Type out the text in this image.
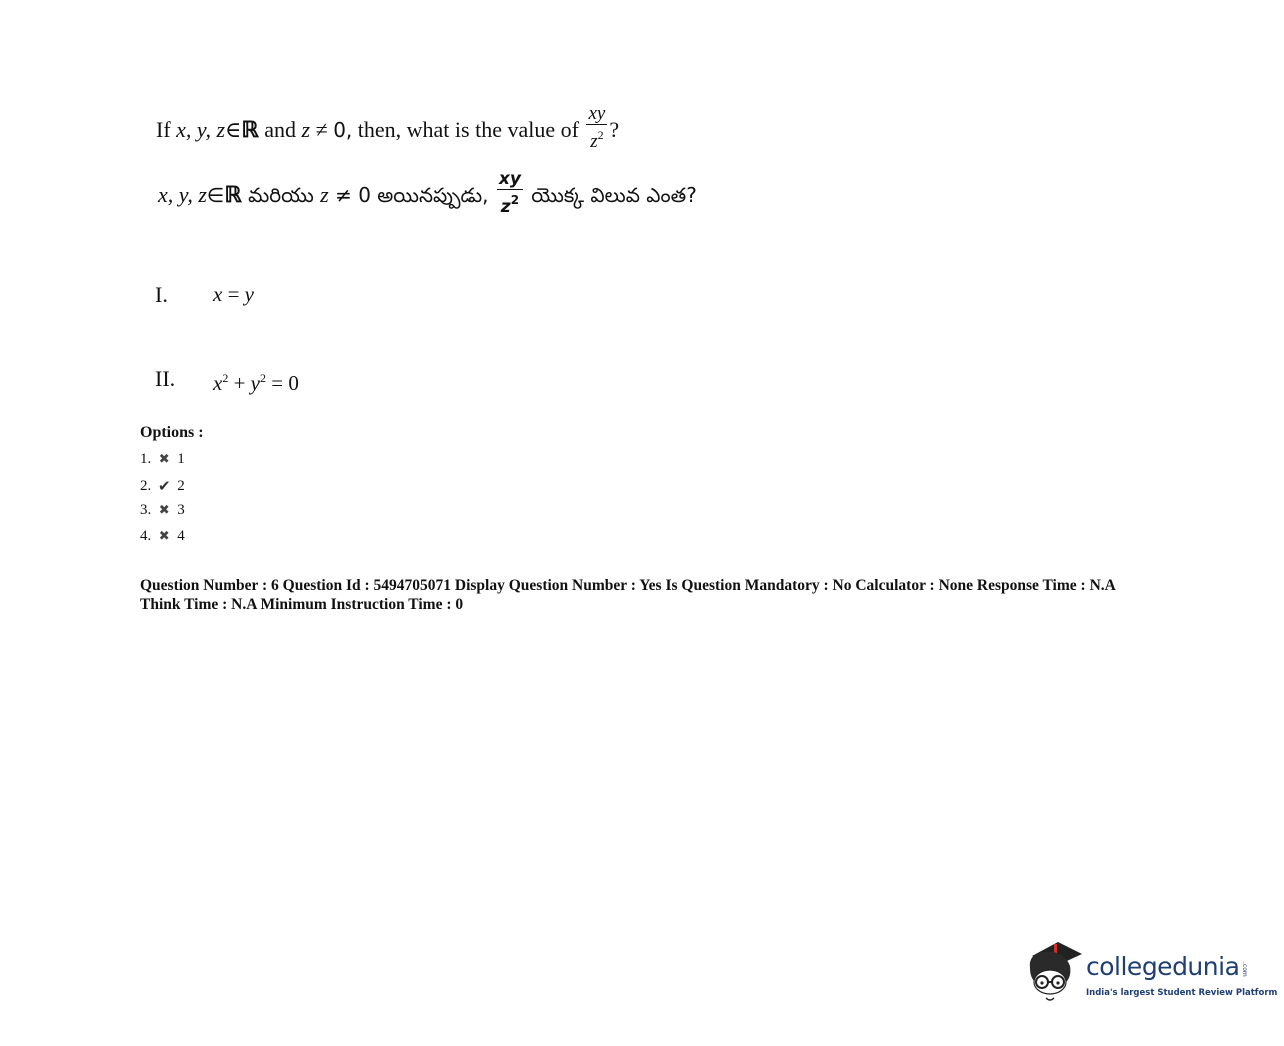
If x, y, z∈ℝ and z ≠ 0, then, what is the value of $\frac{xy}{z^2}$ ?
x, y, z∈ℝ మరియు z ≠ 0 అయినప్పుడు, $\frac{xy}{z^2}$ యొక్క విలువ ఎంత?
I. x = y
II. $x^2 + y^2 = 0$
Options :
1. ✖ 1
2. ✔ 2
3. ✖ 3
4. ✖ 4
Question Number : 6 Question Id : 5494705071 Display Question Number : Yes Is Question Mandatory : No Calculator : None Response Time : N.A Think Time : N.A Minimum Instruction Time : 0
collegedunia .com
India's largest Student Review Platform
